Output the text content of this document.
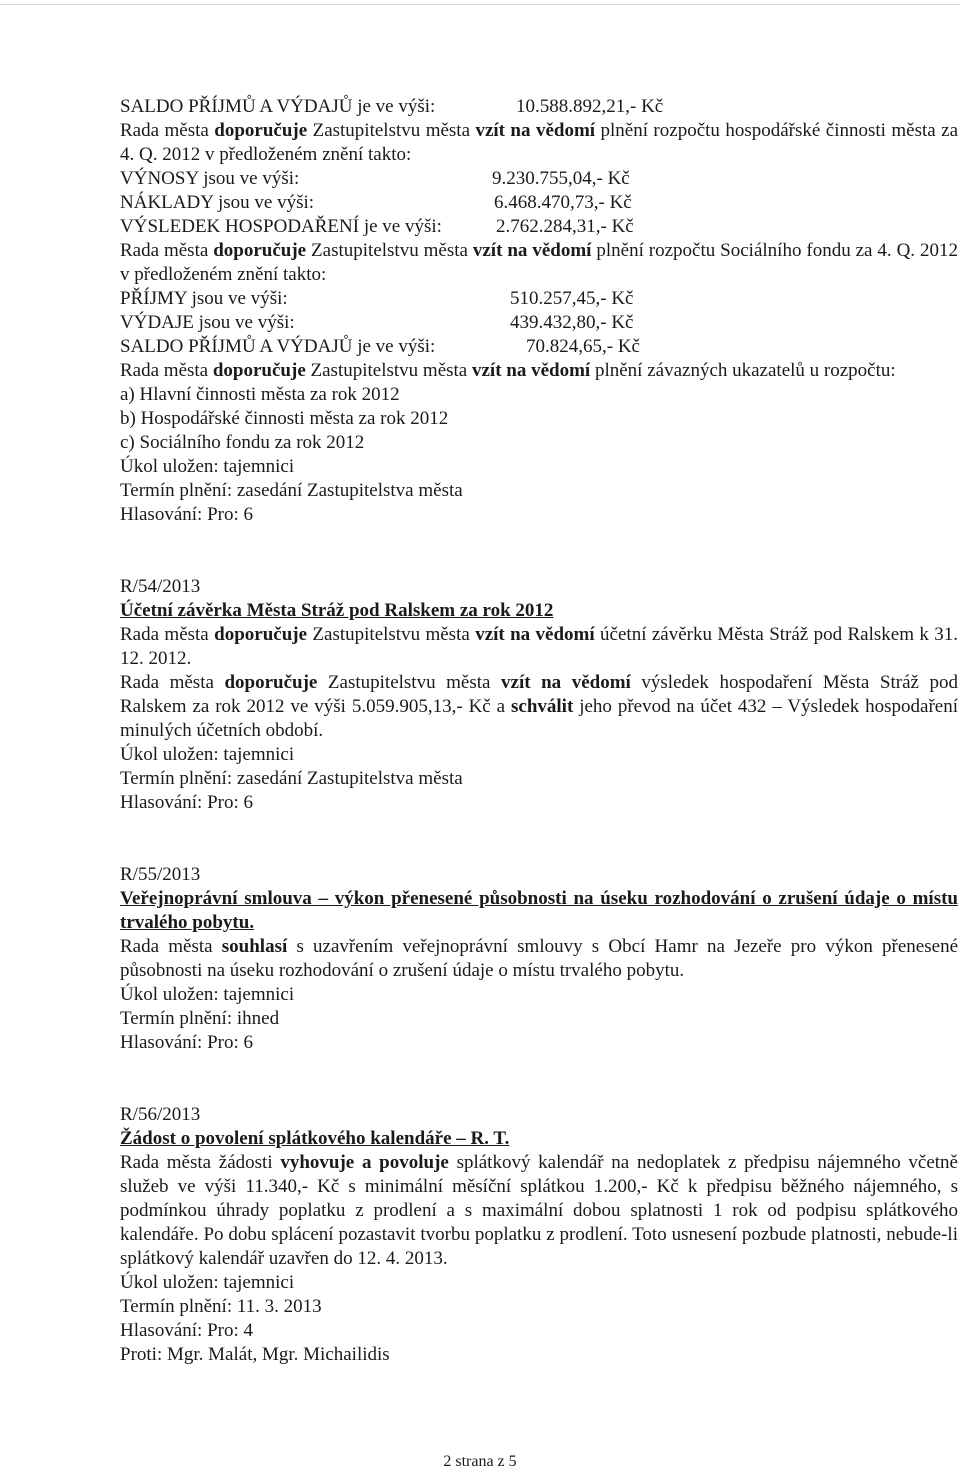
SALDO PŘÍJMŮ A VÝDAJŮ je ve výši:	10.588.892,21,- Kč

Rada města doporučuje Zastupitelstvu města vzít na vědomí plnění rozpočtu hospodářské činnosti města za 4. Q. 2012 v předloženém znění takto:

VÝNOSY jsou ve výši:	9.230.755,04,- Kč
NÁKLADY jsou ve výši:	6.468.470,73,- Kč
VÝSLEDEK HOSPODAŘENÍ je ve výši:	2.762.284,31,- Kč

Rada města doporučuje Zastupitelstvu města vzít na vědomí plnění rozpočtu Sociálního fondu za 4. Q. 2012 v předloženém znění takto:

PŘÍJMY jsou ve výši:	510.257,45,- Kč
VÝDAJE jsou ve výši:	439.432,80,- Kč
SALDO PŘÍJMŮ A VÝDAJŮ je ve výši:	70.824,65,- Kč

Rada města doporučuje Zastupitelstvu města vzít na vědomí plnění závazných ukazatelů u rozpočtu:

a) Hlavní činnosti města za rok 2012

b) Hospodářské činnosti města za rok 2012

c) Sociálního fondu za rok 2012

Úkol uložen: tajemnici

Termín plnění: zasedání Zastupitelstva města

Hlasování: Pro: 6

R/54/2013

Účetní závěrka Města Stráž pod Ralskem za rok 2012

Rada města doporučuje Zastupitelstvu města vzít na vědomí účetní závěrku Města Stráž pod Ralskem k 31. 12. 2012.

Rada města doporučuje Zastupitelstvu města vzít na vědomí výsledek hospodaření Města Stráž pod Ralskem za rok 2012 ve výši 5.059.905,13,- Kč a schválit jeho převod na účet 432 – Výsledek hospodaření minulých účetních období.

Úkol uložen: tajemnici

Termín plnění: zasedání Zastupitelstva města

Hlasování: Pro: 6

R/55/2013

Veřejnoprávní smlouva – výkon přenesené působnosti na úseku rozhodování o zrušení údaje o místu trvalého pobytu.

Rada města souhlasí s uzavřením veřejnoprávní smlouvy s Obcí Hamr na Jezeře pro výkon přenesené působnosti na úseku rozhodování o zrušení údaje o místu trvalého pobytu.

Úkol uložen: tajemnici

Termín plnění: ihned

Hlasování: Pro: 6

R/56/2013

Žádost o povolení splátkového kalendáře – R. T.

Rada města žádosti vyhovuje a povoluje splátkový kalendář na nedoplatek z předpisu nájemného včetně služeb ve výši 11.340,- Kč s minimální měsíční splátkou 1.200,- Kč k předpisu běžného nájemného, s podmínkou úhrady poplatku z prodlení a s maximální dobou splatnosti 1 rok od podpisu splátkového kalendáře. Po dobu splácení pozastavit tvorbu poplatku z prodlení. Toto usnesení pozbude platnosti, nebude-li splátkový kalendář uzavřen do 12. 4. 2013.

Úkol uložen: tajemnici

Termín plnění: 11. 3. 2013

Hlasování: Pro: 4

Proti: Mgr. Malát, Mgr. Michailidis

2 strana z 5
